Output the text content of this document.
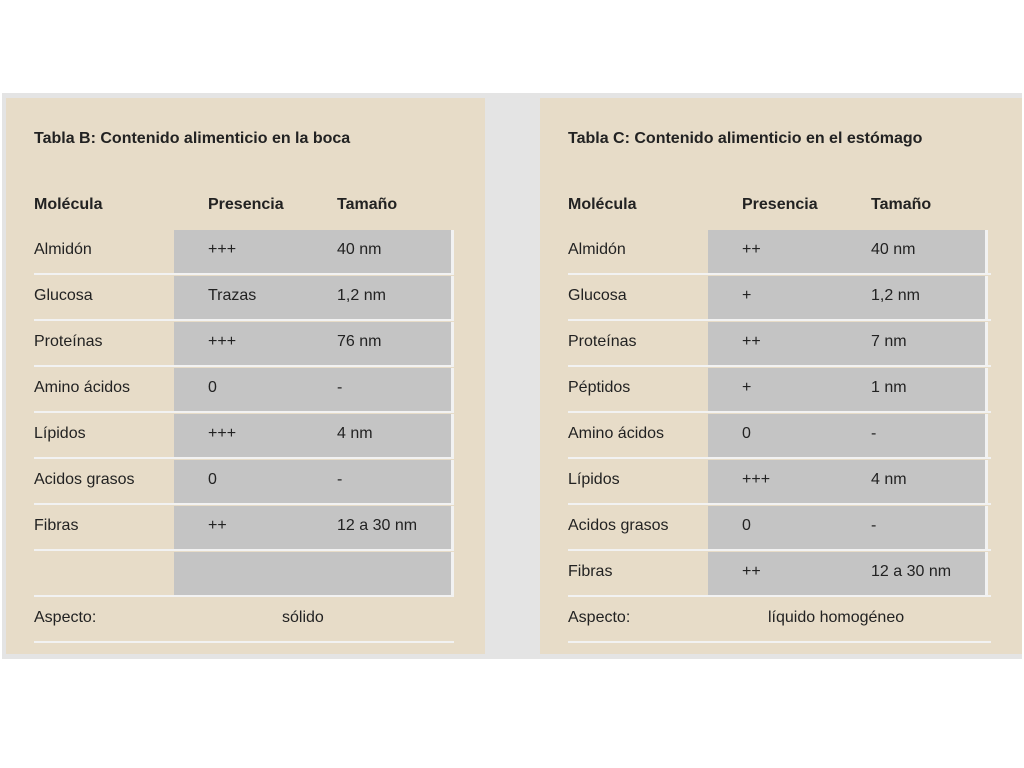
Tabla B: Contenido alimenticio en la boca
Molécula	Presencia	Tamaño
Almidón	+++	40 nm
Glucosa	Trazas	1,2 nm
Proteínas	+++	76 nm
Amino ácidos	0	-
Lípidos	+++	4 nm
Acidos grasos	0	-
Fibras	++	12 a 30 nm
Aspecto:	sólido
Tabla C: Contenido alimenticio en el estómago
Molécula	Presencia	Tamaño
Almidón	++	40 nm
Glucosa	+	1,2 nm
Proteínas	++	7 nm
Péptidos	+	1 nm
Amino ácidos	0	-
Lípidos	+++	4 nm
Acidos grasos	0	-
Fibras	++	12 a 30 nm
Aspecto:	líquido homogéneo
